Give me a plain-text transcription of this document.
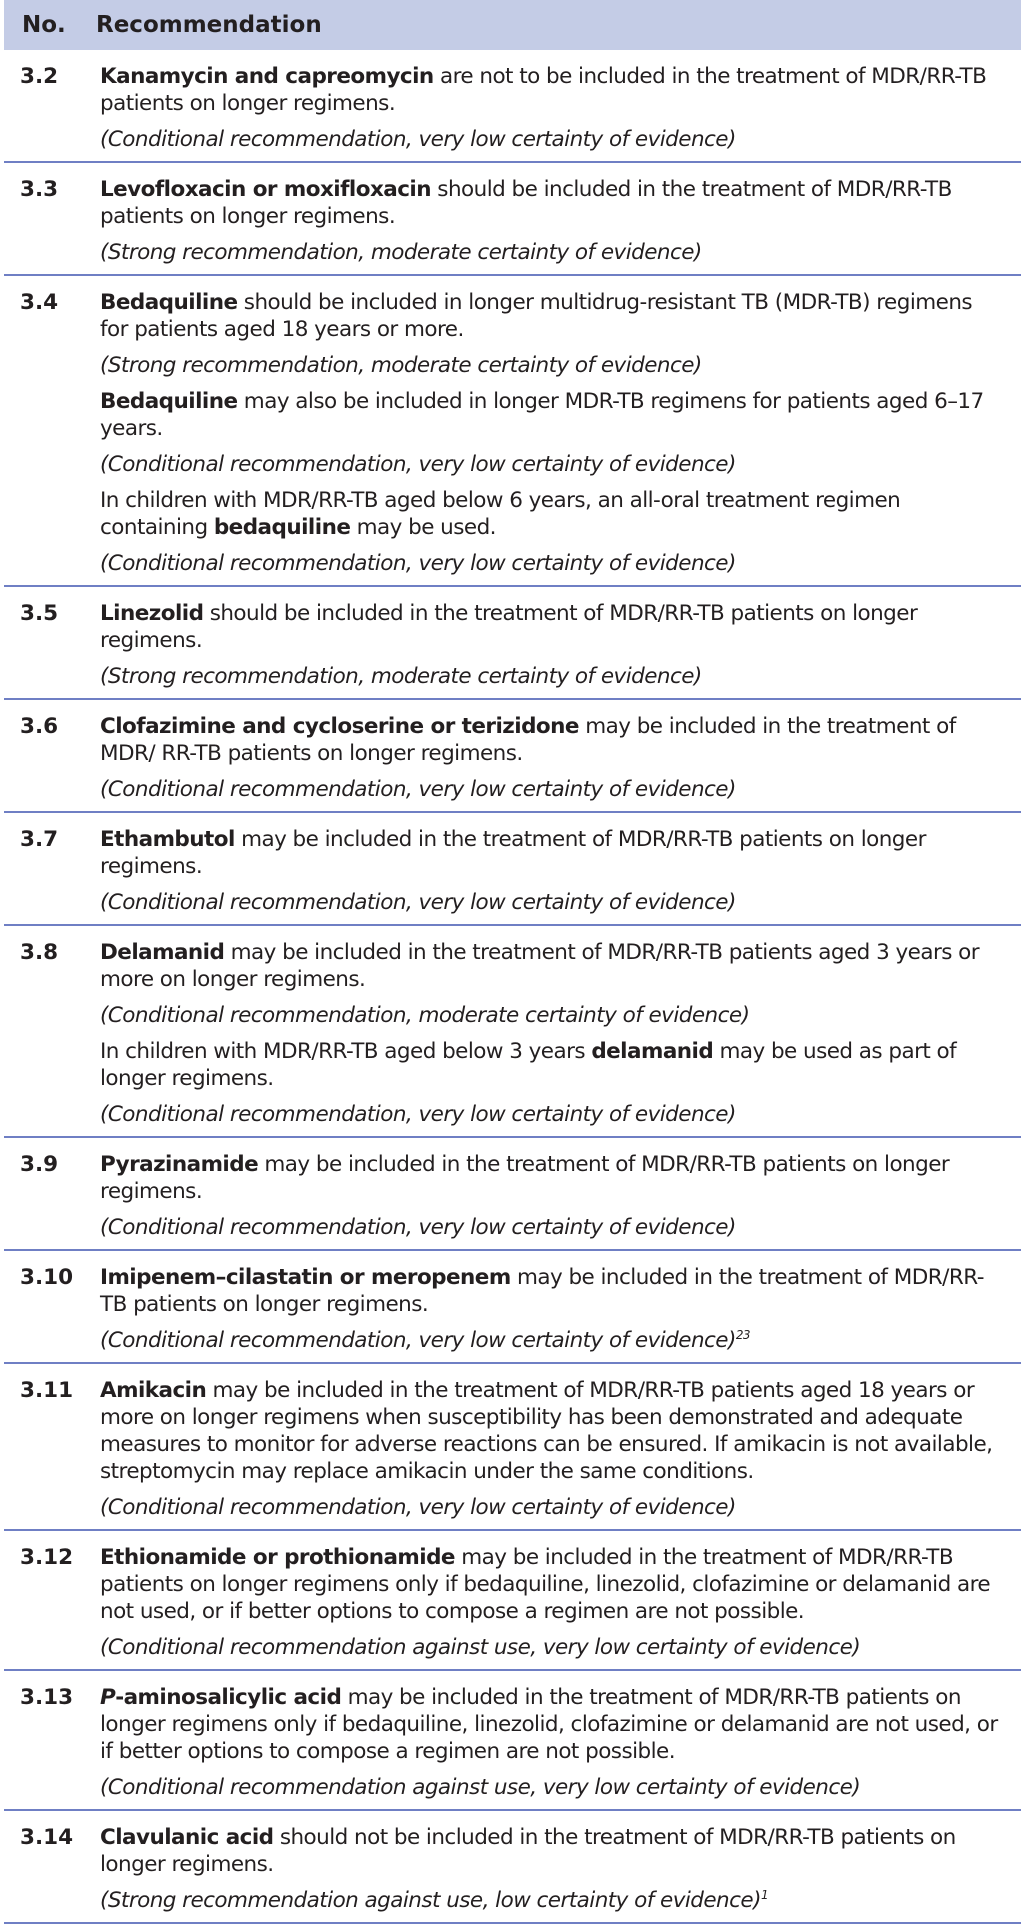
No.	Recommendation
3.2	Kanamycin and capreomycin are not to be included in the treatment of MDR/RR-TB patients on longer regimens.

(Conditional recommendation, very low certainty of evidence)

3.3	Levofloxacin or moxifloxacin should be included in the treatment of MDR/RR-TB patients on longer regimens.

(Strong recommendation, moderate certainty of evidence)

3.4	Bedaquiline should be included in longer multidrug-resistant TB (MDR-TB) regimens for patients aged 18 years or more.

(Strong recommendation, moderate certainty of evidence)

Bedaquiline may also be included in longer MDR-TB regimens for patients aged 6–17 years.

(Conditional recommendation, very low certainty of evidence)

In children with MDR/RR-TB aged below 6 years, an all-oral treatment regimen containing bedaquiline may be used.

(Conditional recommendation, very low certainty of evidence)

3.5	Linezolid should be included in the treatment of MDR/RR-TB patients on longer regimens.

(Strong recommendation, moderate certainty of evidence)

3.6	Clofazimine and cycloserine or terizidone may be included in the treatment of MDR/ RR-TB patients on longer regimens.

(Conditional recommendation, very low certainty of evidence)

3.7	Ethambutol may be included in the treatment of MDR/RR-TB patients on longer regimens.

(Conditional recommendation, very low certainty of evidence)

3.8	Delamanid may be included in the treatment of MDR/RR-TB patients aged 3 years or more on longer regimens.

(Conditional recommendation, moderate certainty of evidence)

In children with MDR/RR-TB aged below 3 years delamanid may be used as part of longer regimens.

(Conditional recommendation, very low certainty of evidence)

3.9	Pyrazinamide may be included in the treatment of MDR/RR-TB patients on longer regimens.

(Conditional recommendation, very low certainty of evidence)

3.10	Imipenem–cilastatin or meropenem may be included in the treatment of MDR/RR-TB patients on longer regimens.

(Conditional recommendation, very low certainty of evidence)$^{23}$

3.11	Amikacin may be included in the treatment of MDR/RR-TB patients aged 18 years or more on longer regimens when susceptibility has been demonstrated and adequate measures to monitor for adverse reactions can be ensured. If amikacin is not available, streptomycin may replace amikacin under the same conditions.

(Conditional recommendation, very low certainty of evidence)

3.12	Ethionamide or prothionamide may be included in the treatment of MDR/RR-TB patients on longer regimens only if bedaquiline, linezolid, clofazimine or delamanid are not used, or if better options to compose a regimen are not possible.

(Conditional recommendation against use, very low certainty of evidence)

3.13	P-aminosalicylic acid may be included in the treatment of MDR/RR-TB patients on longer regimens only if bedaquiline, linezolid, clofazimine or delamanid are not used, or if better options to compose a regimen are not possible.

(Conditional recommendation against use, very low certainty of evidence)

3.14	Clavulanic acid should not be included in the treatment of MDR/RR-TB patients on longer regimens.

(Strong recommendation against use, low certainty of evidence)$^1$
